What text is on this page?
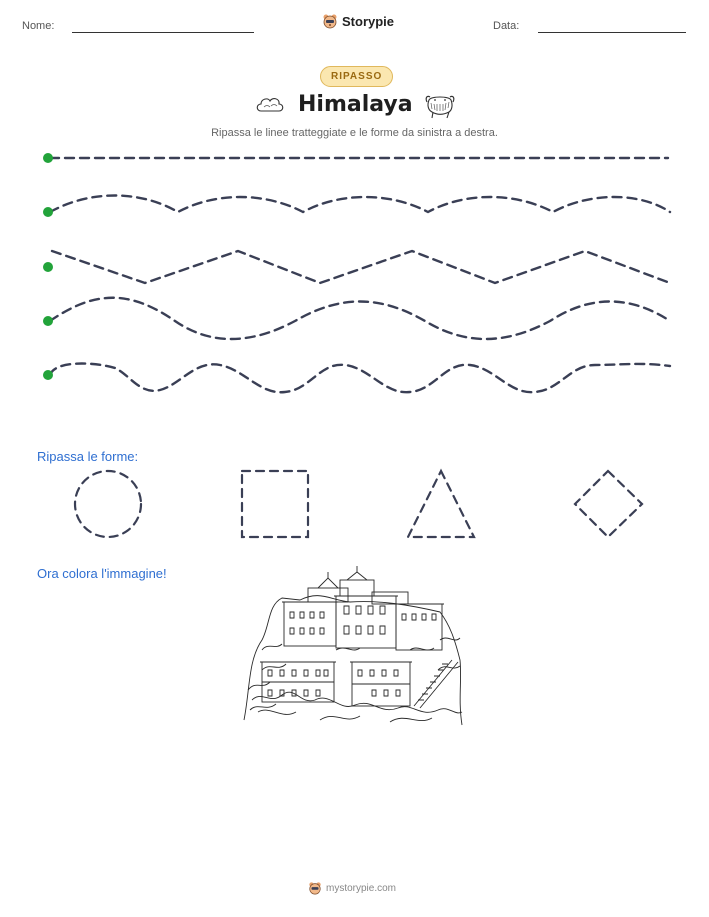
Nome:	Storypie	Data:
RIPASSO
Himalaya
Ripassa le linee tratteggiate e le forme da sinistra a destra.
Ripassa le forme:
Ora colora l'immagine!
mystorypie.com
